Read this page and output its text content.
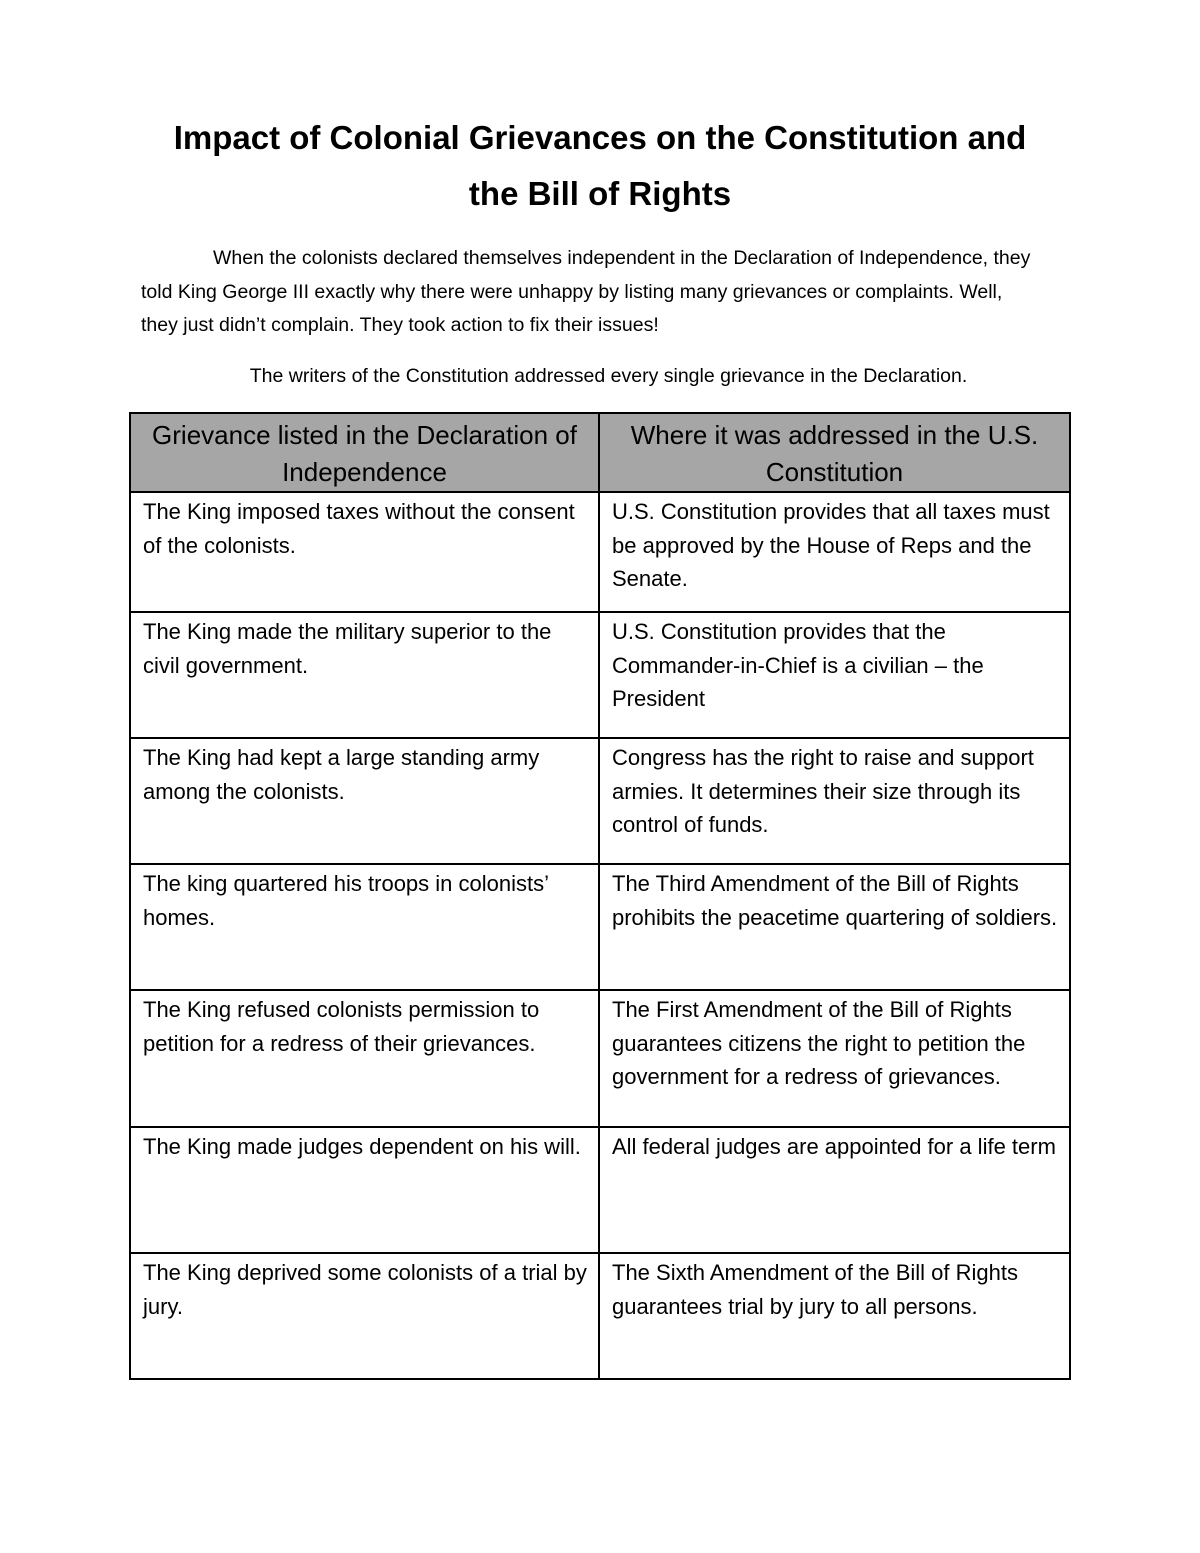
Impact of Colonial Grievances on the Constitution and
the Bill of Rights

When the colonists declared themselves independent in the Declaration of Independence, they told King George III exactly why there were unhappy by listing many grievances or complaints. Well, they just didn’t complain. They took action to fix their issues!

The writers of the Constitution addressed every single grievance in the Declaration.

Grievance listed in the Declaration of Independence	Where it was addressed in the U.S. Constitution
The King imposed taxes without the consent of the colonists.	U.S. Constitution provides that all taxes must be approved by the House of Reps and the Senate.
The King made the military superior to the civil government.	U.S. Constitution provides that the Commander-in-Chief is a civilian – the President
The King had kept a large standing army among the colonists.	Congress has the right to raise and support armies. It determines their size through its control of funds.
The king quartered his troops in colonists’ homes.	The Third Amendment of the Bill of Rights prohibits the peacetime quartering of soldiers.
The King refused colonists permission to petition for a redress of their grievances.	The First Amendment of the Bill of Rights guarantees citizens the right to petition the government for a redress of grievances.
The King made judges dependent on his will.	All federal judges are appointed for a life term
The King deprived some colonists of a trial by jury.	The Sixth Amendment of the Bill of Rights guarantees trial by jury to all persons.
